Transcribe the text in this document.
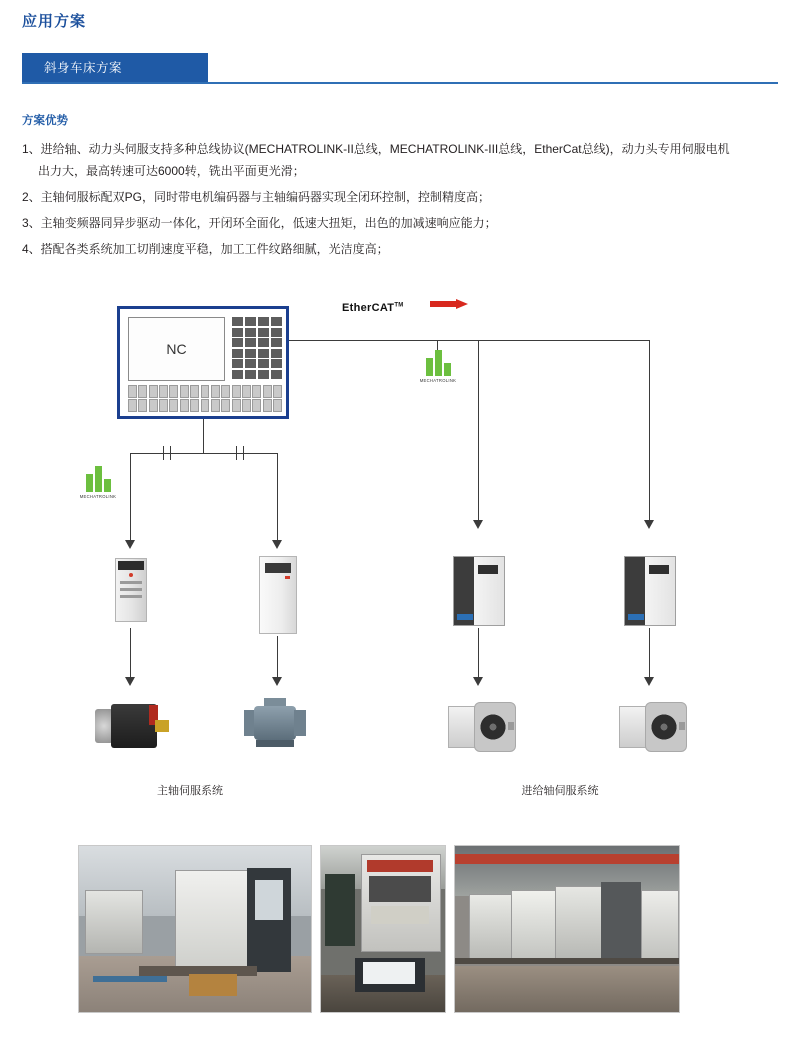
应用方案
斜身车床方案
方案优势
1、进给轴、动力头伺服支持多种总线协议(MECHATROLINK-II总线，MECHATROLINK-III总线，EtherCat总线)，动力头专用伺服电机
出力大，最高转速可达6000转，铣出平面更光滑；
2、主轴伺服标配双PG，同时带电机编码器与主轴编码器实现全闭环控制，控制精度高；
3、主轴变频器同异步驱动一体化，开闭环全面化，低速大扭矩，出色的加减速响应能力；
4、搭配各类系统加工切削速度平稳，加工工件纹路细腻，光洁度高；
NC
EtherCAT™
MECHATROLINK
MECHATROLINK
主轴伺服系统	进给轴伺服系统
